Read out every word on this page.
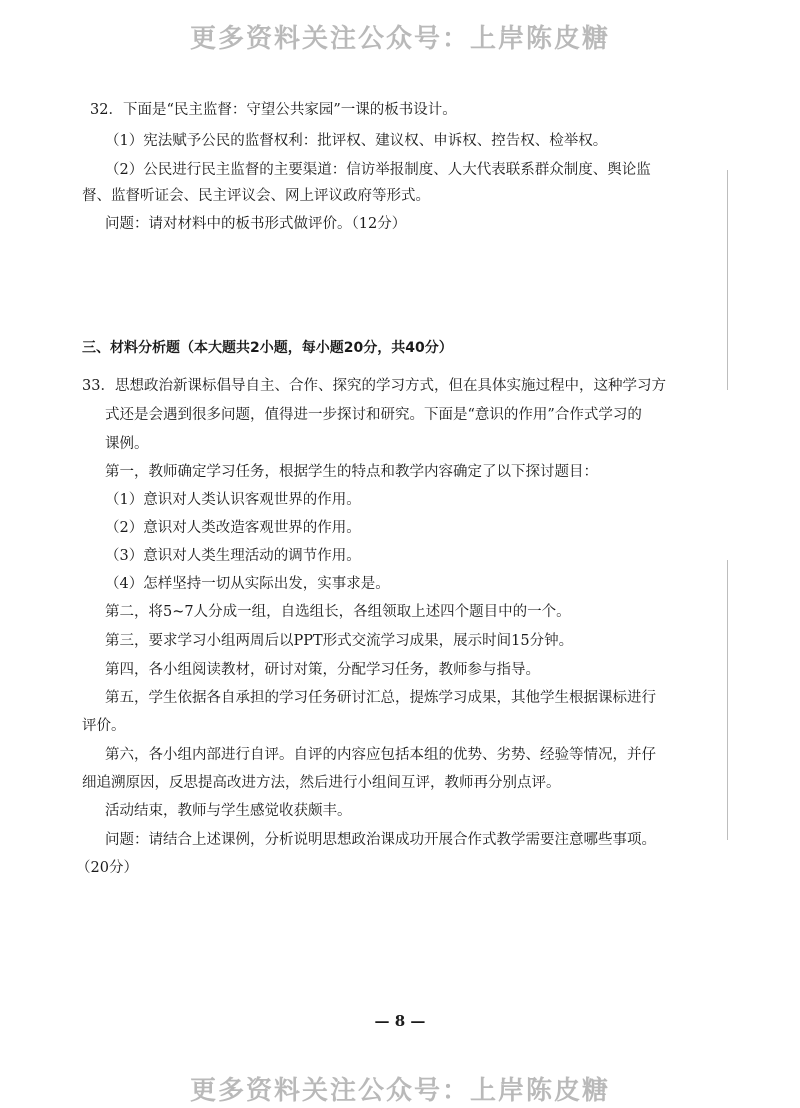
更多资料关注公众号：上岸陈皮糖
32．下面是“民主监督：守望公共家园”一课的板书设计。
（1）宪法赋予公民的监督权利：批评权、建议权、申诉权、控告权、检举权。
（2）公民进行民主监督的主要渠道：信访举报制度、人大代表联系群众制度、舆论监
督、监督听证会、民主评议会、网上评议政府等形式。
问题：请对材料中的板书形式做评价。（12分）
三、材料分析题（本大题共2小题，每小题20分，共40分）
33．思想政治新课标倡导自主、合作、探究的学习方式，但在具体实施过程中，这种学习方
式还是会遇到很多问题，值得进一步探讨和研究。下面是“意识的作用”合作式学习的
课例。
第一，教师确定学习任务，根据学生的特点和教学内容确定了以下探讨题目：
（1）意识对人类认识客观世界的作用。
（2）意识对人类改造客观世界的作用。
（3）意识对人类生理活动的调节作用。
（4）怎样坚持一切从实际出发，实事求是。
第二，将5~7人分成一组，自选组长，各组领取上述四个题目中的一个。
第三，要求学习小组两周后以PPT形式交流学习成果，展示时间15分钟。
第四，各小组阅读教材，研讨对策，分配学习任务，教师参与指导。
第五，学生依据各自承担的学习任务研讨汇总，提炼学习成果，其他学生根据课标进行
评价。
第六，各小组内部进行自评。自评的内容应包括本组的优势、劣势、经验等情况，并仔
细追溯原因，反思提高改进方法，然后进行小组间互评，教师再分别点评。
活动结束，教师与学生感觉收获颇丰。
问题：请结合上述课例，分析说明思想政治课成功开展合作式教学需要注意哪些事项。
（20分）
— 8 —
更多资料关注公众号：上岸陈皮糖
